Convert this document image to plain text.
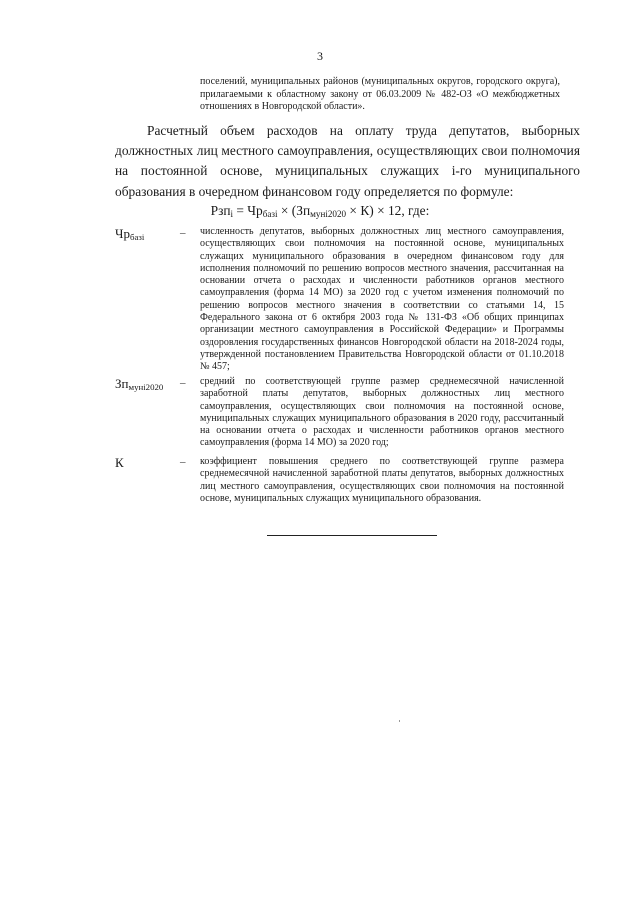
3
поселений, муниципальных районов (муниципальных округов, городского округа), прилагаемыми к областному закону от 06.03.2009 № 482-ОЗ «О межбюджетных отношениях в Новгородской области».
Расчетный объем расходов на оплату труда депутатов, выборных должностных лиц местного самоуправления, осуществляющих свои полномочия на постоянной основе, муниципальных служащих i-го муниципального образования в очередном финансовом году определяется по формуле:
$Рзп_i = Чр_{базі} \times (Зп_{мунi2020} \times К) \times 12$, где:
$Чр_{базі}$	– численность депутатов, выборных должностных лиц местного самоуправления, осуществляющих свои полномочия на постоянной основе, муниципальных служащих муниципального образования в очередном финансовом году для исполнения полномочий по решению вопросов местного значения, рассчитанная на основании отчета о расходах и численности работников органов местного самоуправления (форма 14 МО) за 2020 год с учетом изменения полномочий по решению вопросов местного значения в соответствии со статьями 14, 15 Федерального закона от 6 октября 2003 года № 131-ФЗ «Об общих принципах организации местного самоуправления в Российской Федерации» и Программы оздоровления государственных финансов Новгородской области на 2018-2024 годы, утвержденной постановлением Правительства Новгородской области от 01.10.2018 № 457;
$Зп_{мунi2020}$ – средний по соответствующей группе размер среднемесячной начисленной заработной платы депутатов, выборных должностных лиц местного самоуправления, осуществляющих свои полномочия на постоянной основе, муниципальных служащих муниципального образования в 2020 году, рассчитанный на основании отчета о расходах и численности работников органов местного самоуправления (форма 14 МО) за 2020 год;
К	– коэффициент повышения среднего по соответствующей группе размера среднемесячной начисленной заработной платы депутатов, выборных должностных лиц местного самоуправления, осуществляющих свои полномочия на постоянной основе, муниципальных служащих муниципального образования.
